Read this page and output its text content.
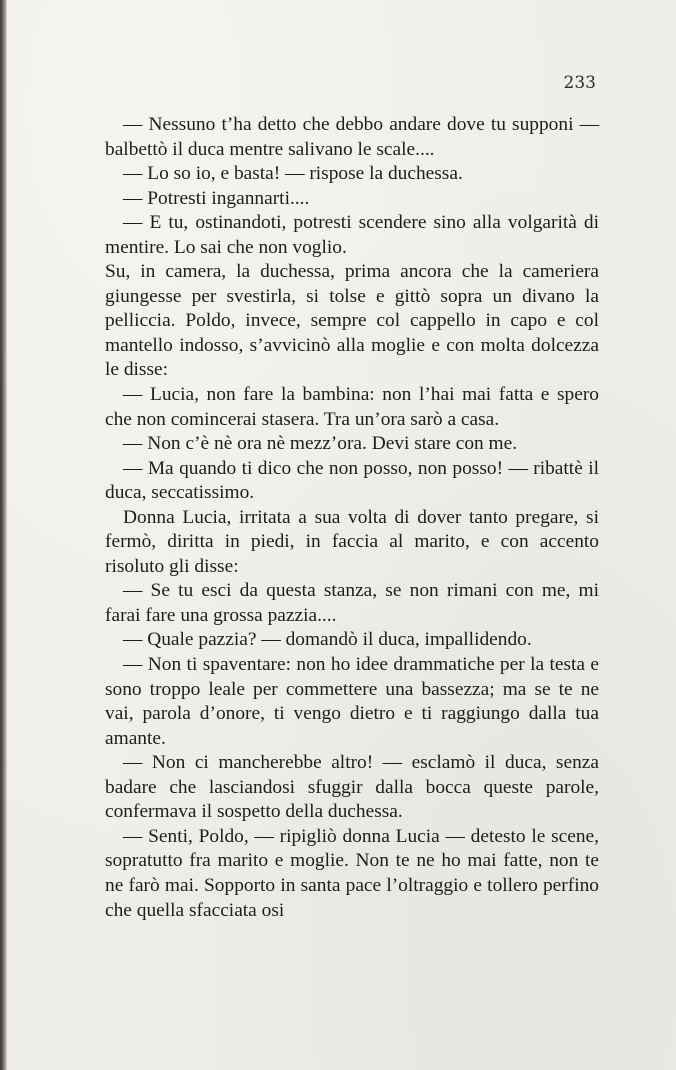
233

— Nessuno t’ha detto che debbo andare dove tu supponi — balbettò il duca mentre salivano le scale....

— Lo so io, e basta! — rispose la duchessa.

— Potresti ingannarti....

— E tu, ostinandoti, potresti scendere sino alla volgarità di mentire. Lo sai che non voglio.

Su, in camera, la duchessa, prima ancora che la cameriera giungesse per svestirla, si tolse e gittò sopra un divano la pelliccia. Poldo, invece, sempre col cappello in capo e col mantello indosso, s’avvicinò alla moglie e con molta dolcezza le disse:

— Lucia, non fare la bambina: non l’hai mai fatta e spero che non comincerai stasera. Tra un’ora sarò a casa.

— Non c’è nè ora nè mezz’ora. Devi stare con me.

— Ma quando ti dico che non posso, non posso! — ribattè il duca, seccatissimo.

Donna Lucia, irritata a sua volta di dover tanto pregare, si fermò, diritta in piedi, in faccia al marito, e con accento risoluto gli disse:

— Se tu esci da questa stanza, se non rimani con me, mi farai fare una grossa pazzia....

— Quale pazzia? — domandò il duca, impallidendo.

— Non ti spaventare: non ho idee drammatiche per la testa e sono troppo leale per commettere una bassezza; ma se te ne vai, parola d’onore, ti vengo dietro e ti raggiungo dalla tua amante.

— Non ci mancherebbe altro! — esclamò il duca, senza badare che lasciandosi sfuggir dalla bocca queste parole, confermava il sospetto della duchessa.

— Senti, Poldo, — ripigliò donna Lucia — detesto le scene, sopratutto fra marito e moglie. Non te ne ho mai fatte, non te ne farò mai. Sopporto in santa pace l’oltraggio e tollero perfino che quella sfacciata osi
